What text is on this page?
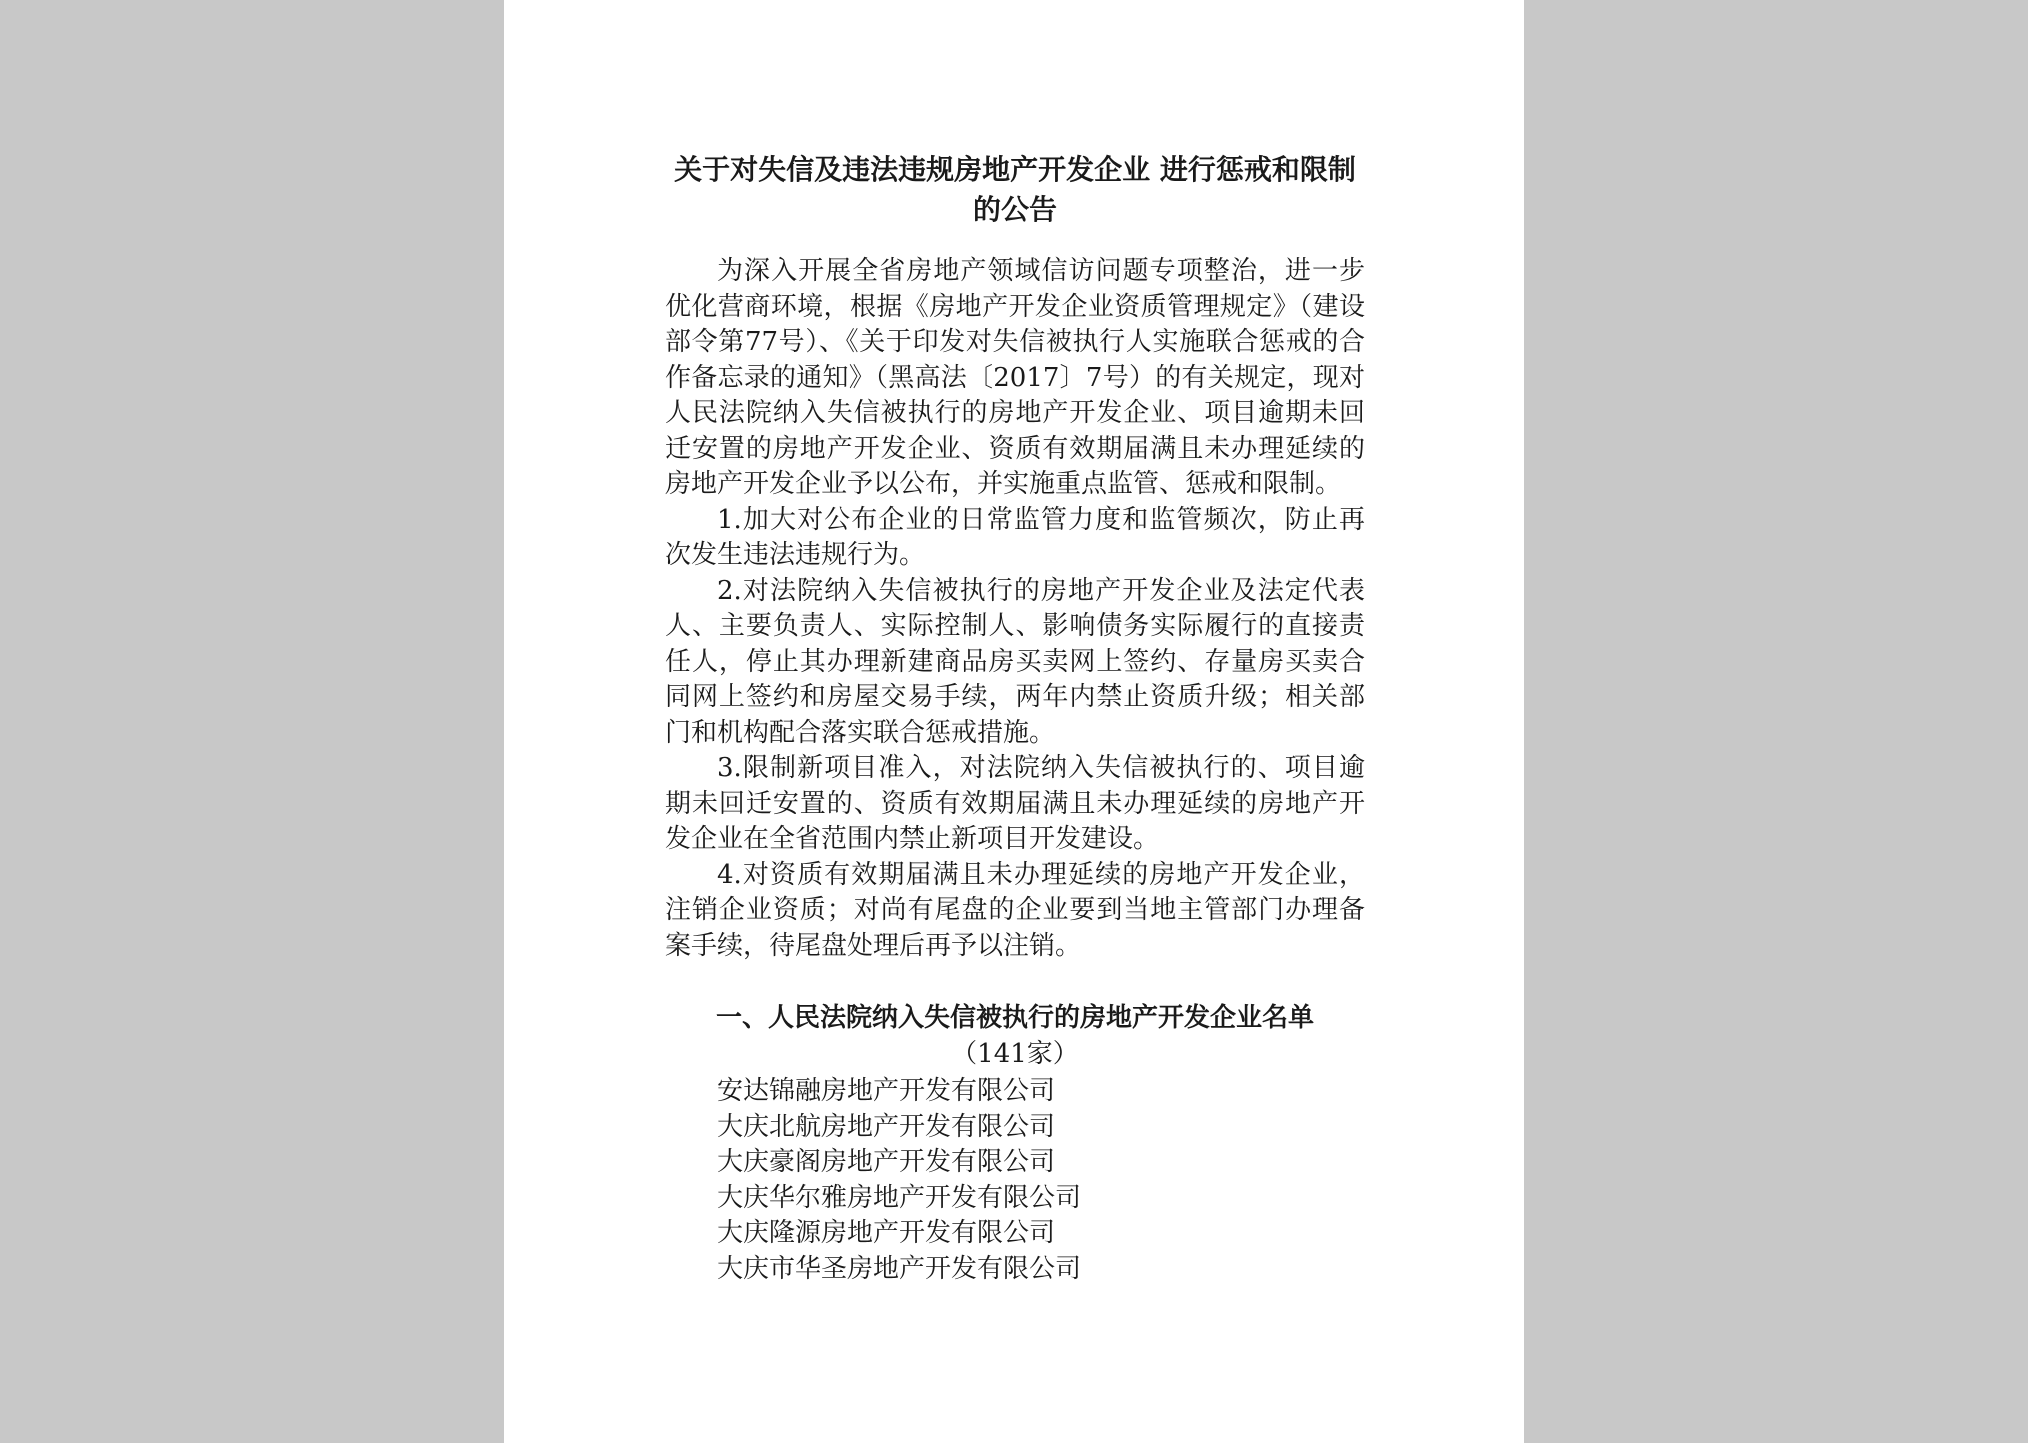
关于对失信及违法违规房地产开发企业 进行惩戒和限制的公告

为深入开展全省房地产领域信访问题专项整治，进一步优化营商环境，根据《房地产开发企业资质管理规定》（建设部令第77号）、《关于印发对失信被执行人实施联合惩戒的合作备忘录的通知》（黑高法〔2017〕7号）的有关规定，现对人民法院纳入失信被执行的房地产开发企业、项目逾期未回迁安置的房地产开发企业、资质有效期届满且未办理延续的房地产开发企业予以公布，并实施重点监管、惩戒和限制。

1.加大对公布企业的日常监管力度和监管频次，防止再次发生违法违规行为。

2.对法院纳入失信被执行的房地产开发企业及法定代表人、主要负责人、实际控制人、影响债务实际履行的直接责任人，停止其办理新建商品房买卖网上签约、存量房买卖合同网上签约和房屋交易手续，两年内禁止资质升级；相关部门和机构配合落实联合惩戒措施。

3.限制新项目准入，对法院纳入失信被执行的、项目逾期未回迁安置的、资质有效期届满且未办理延续的房地产开发企业在全省范围内禁止新项目开发建设。

4.对资质有效期届满且未办理延续的房地产开发企业，注销企业资质；对尚有尾盘的企业要到当地主管部门办理备案手续，待尾盘处理后再予以注销。

一、人民法院纳入失信被执行的房地产开发企业名单
（141家）
安达锦融房地产开发有限公司
大庆北航房地产开发有限公司
大庆豪阁房地产开发有限公司
大庆华尔雅房地产开发有限公司
大庆隆源房地产开发有限公司
大庆市华圣房地产开发有限公司
